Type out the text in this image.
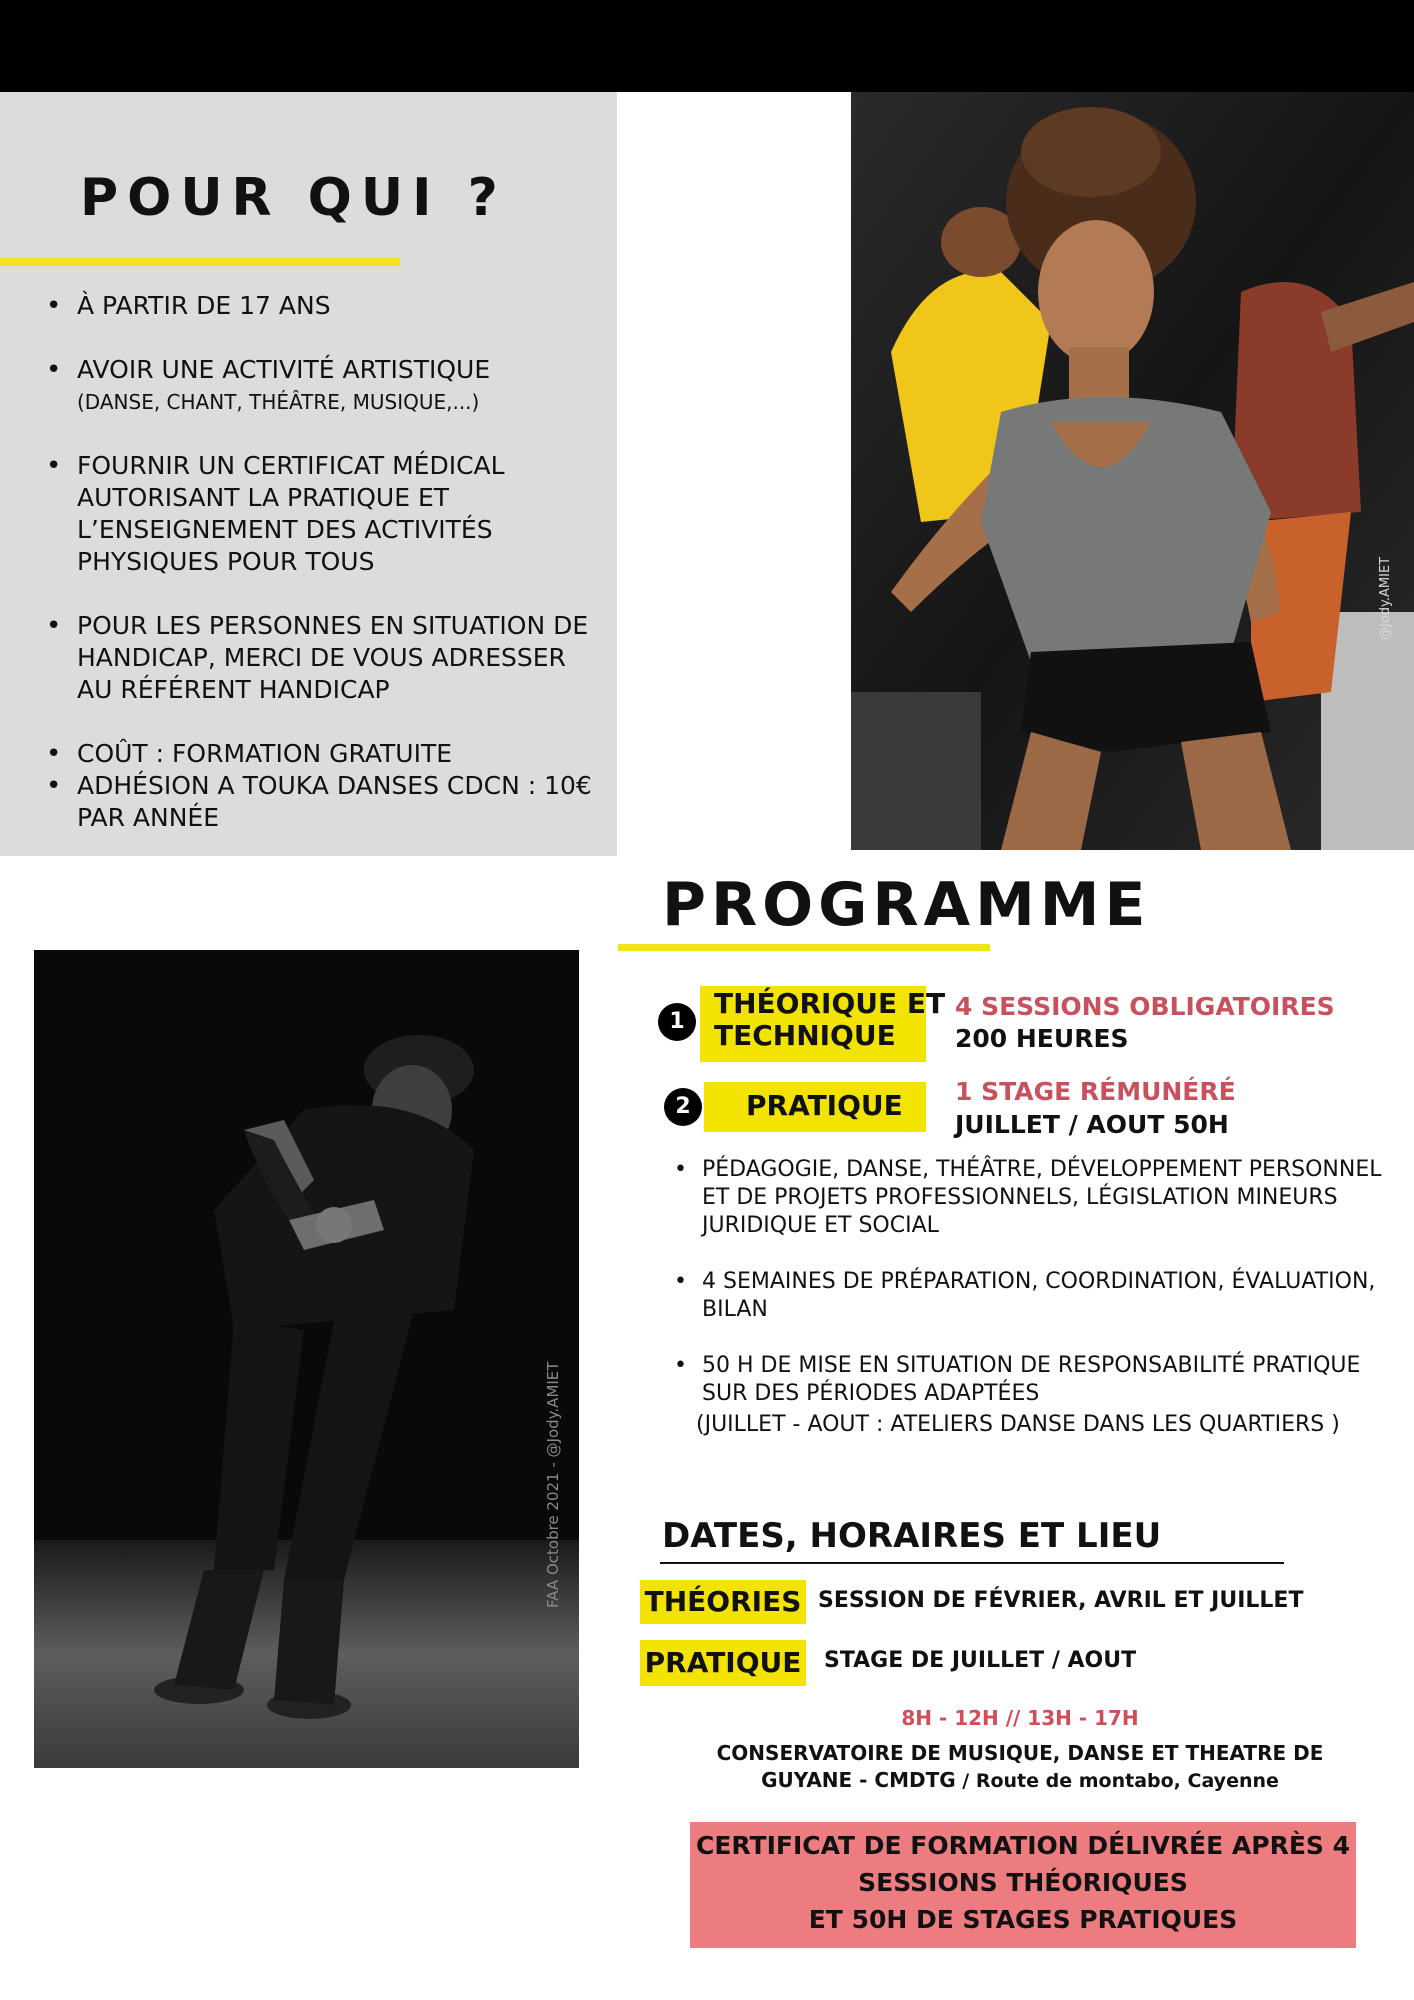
POUR QUI ?
• À PARTIR DE 17 ANS
• AVOIR UNE ACTIVITÉ ARTISTIQUE
(DANSE, CHANT, THÉÂTRE, MUSIQUE,...)
• FOURNIR UN CERTIFICAT MÉDICAL AUTORISANT LA PRATIQUE ET L’ENSEIGNEMENT DES ACTIVITÉS PHYSIQUES POUR TOUS
• POUR LES PERSONNES EN SITUATION DE HANDICAP, MERCI DE VOUS ADRESSER AU RÉFÉRENT HANDICAP
• COÛT : FORMATION GRATUITE
• ADHÉSION A TOUKA DANSES CDCN : 10€ PAR ANNÉE
@Jody.AMIET
FAA Octobre 2021 - @Jody.AMIET
PROGRAMME
1
THÉORIQUE ET
TECHNIQUE
4 SESSIONS OBLIGATOIRES
200 HEURES
2	PRATIQUE 1 STAGE RÉMUNÉRÉ
JUILLET / AOUT 50H
• PÉDAGOGIE, DANSE, THÉÂTRE, DÉVELOPPEMENT PERSONNEL ET DE PROJETS PROFESSIONNELS, LÉGISLATION MINEURS JURIDIQUE ET SOCIAL
• 4 SEMAINES DE PRÉPARATION, COORDINATION, ÉVALUATION, BILAN
• 50 H DE MISE EN SITUATION DE RESPONSABILITÉ PRATIQUE SUR DES PÉRIODES ADAPTÉES
(JUILLET - AOUT : ATELIERS DANSE DANS LES QUARTIERS )
DATES, HORAIRES ET LIEU
THÉORIES SESSION DE FÉVRIER, AVRIL ET JUILLET
PRATIQUE STAGE DE JUILLET / AOUT
8H - 12H // 13H - 17H
CONSERVATOIRE DE MUSIQUE, DANSE ET THEATRE DE
GUYANE - CMDTG / Route de montabo, Cayenne
CERTIFICAT DE FORMATION DÉLIVRÉE APRÈS 4
SESSIONS THÉORIQUES
ET 50H DE STAGES PRATIQUES
